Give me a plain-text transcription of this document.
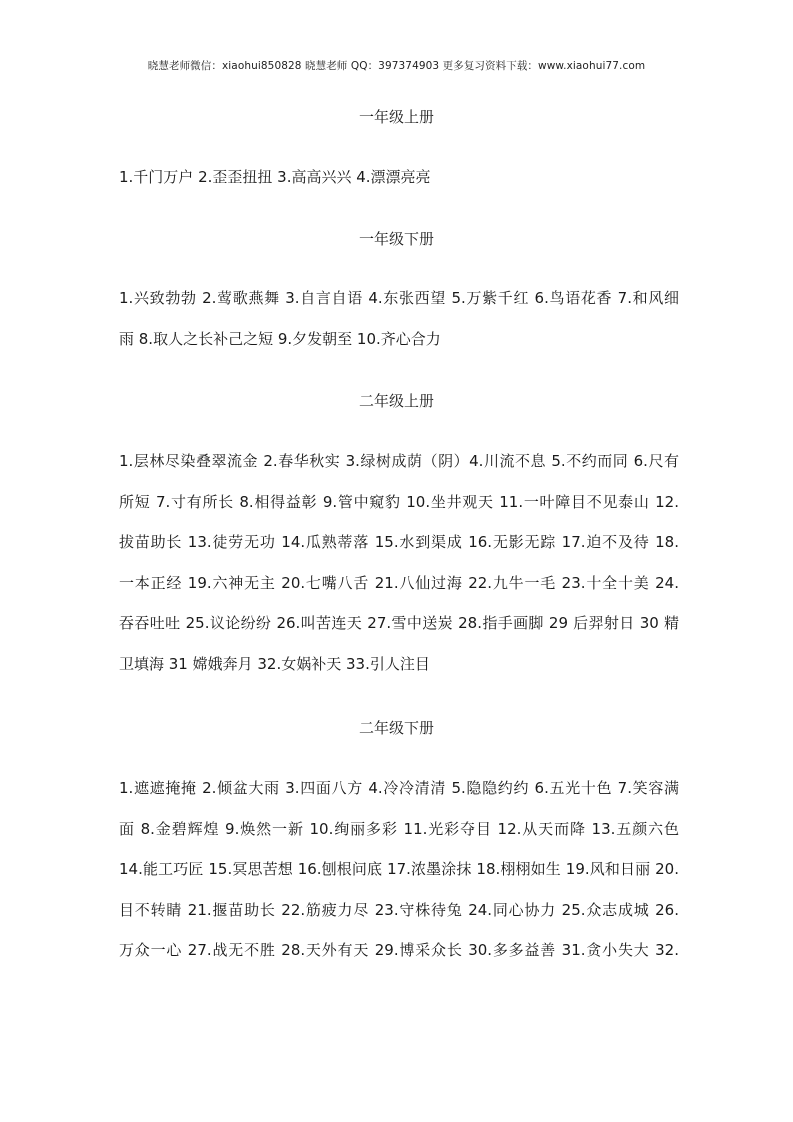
晓慧老师微信：xiaohui850828 晓慧老师 QQ：397374903 更多复习资料下载：www.xiaohui77.com
一年级上册
1.千门万户 2.歪歪扭扭 3.高高兴兴 4.漂漂亮亮
一年级下册
1.兴致勃勃 2.莺歌燕舞 3.自言自语 4.东张西望 5.万紫千红 6.鸟语花香 7.和风细
雨 8.取人之长补己之短 9.夕发朝至 10.齐心合力
二年级上册
1.层林尽染叠翠流金 2.春华秋实 3.绿树成荫（阴）4.川流不息 5.不约而同 6.尺有
所短 7.寸有所长 8.相得益彰 9.管中窥豹 10.坐井观天 11.一叶障目不见泰山 12.
拔苗助长 13.徒劳无功 14.瓜熟蒂落 15.水到渠成 16.无影无踪 17.迫不及待 18.
一本正经 19.六神无主 20.七嘴八舌 21.八仙过海 22.九牛一毛 23.十全十美 24.
吞吞吐吐 25.议论纷纷 26.叫苦连天 27.雪中送炭 28.指手画脚 29 后羿射日 30 精
卫填海 31 嫦娥奔月 32.女娲补天 33.引人注目
二年级下册
1.遮遮掩掩 2.倾盆大雨 3.四面八方 4.冷冷清清 5.隐隐约约 6.五光十色 7.笑容满
面 8.金碧辉煌 9.焕然一新 10.绚丽多彩 11.光彩夺目 12.从天而降 13.五颜六色
14.能工巧匠 15.冥思苦想 16.刨根问底 17.浓墨涂抹 18.栩栩如生 19.风和日丽 20.
目不转睛 21.揠苗助长 22.筋疲力尽 23.守株待兔 24.同心协力 25.众志成城 26.
万众一心 27.战无不胜 28.天外有天 29.博采众长 30.多多益善 31.贪小失大 32.
